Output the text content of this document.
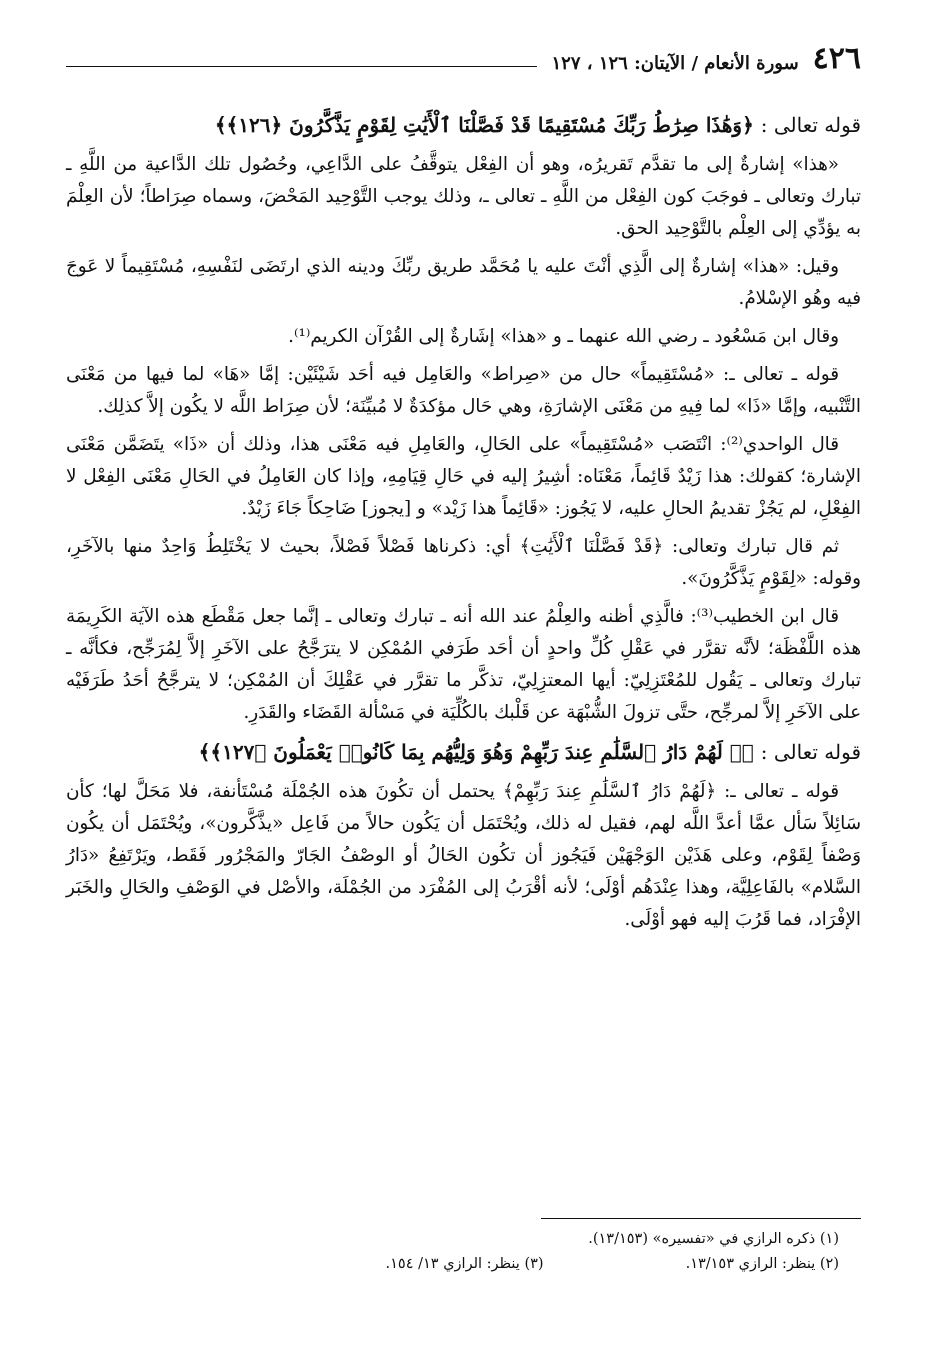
٤٢٦
سورة الأنعام / الآيتان: ١٢٦ ، ١٢٧
قوله تعالى : ﴿وَهَٰذَا صِرَٰطُ رَبِّكَ مُسْتَقِيمًا قَدْ فَصَّلْنَا ٱلْأَيَٰتِ لِقَوْمٍ يَذَّكَّرُونَ ﴿١٢٦﴾﴾

«هذا» إشارةٌ إلى ما تقدَّم تَقريرُه، وهو أن الفِعْل يتوقَّفُ على الدَّاعِي، وحُصُول تلك الدَّاعية من اللَّهِ ـ تبارك وتعالى ـ فوجَبَ كون الفِعْل من اللَّهِ ـ تعالى ـ، وذلك يوجب التَّوْحِيد المَحْضَ، وسماه صِرَاطاً؛ لأن العِلْمَ به يؤدِّي إلى العِلْم بالتَّوْحِيد الحق.

وقيل: «هذا» إشارةٌ إلى الَّذِي أنْتَ عليه يا مُحَمَّد طريق ربِّكَ ودينه الذي ارتَضَى لنَفْسِهِ، مُسْتَقِيماً لا عَوجَ فيه وهُو الإسْلامُ.

وقال ابن مَسْعُود ـ رضي الله عنهما ـ و «هذا» إشَارةٌ إلى القُرْآن الكريم⁽¹⁾.

قوله ـ تعالى ـ: «مُسْتَقِيماً» حال من «صِراط» والعَامِل فيه أحَد شَيْئَيْن: إمَّا «هَا» لما فيها من مَعْنَى التَّنْبيه، وإمَّا «ذَا» لما فِيهِ من مَعْنَى الإشارَةِ، وهي حَال مؤكدَةٌ لا مُبيِّنَة؛ لأن صِرَاط اللَّه لا يكُون إلاَّ كذلِك.

قال الواحدي⁽²⁾: انْتَصَب «مُسْتَقِيماً» على الحَالِ، والعَامِلِ فيه مَعْنَى هذا، وذلك أن «ذَا» يتَضَمَّن مَعْنَى الإشارة؛ كقولك: هذا زَيْدٌ قَائِماً، مَعْنَاه: أشِيرُ إليه في حَالِ قِيَامِهِ، وإذا كان العَامِلُ في الحَالِ مَعْنَى الفِعْل لا الفِعْلِ، لم يَجُزْ تقديمُ الحالِ عليه، لا يَجُوز: «قَائِماً هذا زَيْد» و [يجوز] ضَاحِكاً جَاءَ زَيْدٌ.

ثم قال تبارك وتعالى: ﴿قَدْ فَصَّلْنَا ٱلْأَيَٰتِ﴾ أي: ذكرناها فَصْلاً فَصْلاً، بحيث لا يَخْتَلِطُ وَاحِدٌ منها بالآخَرِ، وقوله: «لِقَوْمٍ يَذَّكَّرُونَ».

قال ابن الخطيب⁽³⁾: فالَّذِي أظنه والعِلْمُ عند الله أنه ـ تبارك وتعالى ـ إنَّما جعل مَقْطَع هذه الآيَة الكَرِيمَة هذه اللَّفْظَة؛ لأنَّه تقرَّر في عَقْلِ كُلِّ واحدٍ أن أحَد طَرَفي المُمْكِن لا يترَجَّحُ على الآخَرِ إلاَّ لِمُرَجِّح، فكأنَّه ـ تبارك وتعالى ـ يَقُول للمُعْتَزِلِيّ: أيها المعتزِلِيّ، تذكَّر ما تقرَّر في عَقْلِكَ أن المُمْكِن؛ لا يترجَّحُ أحَدُ طَرَفَيْه على الآخَرِ إلاَّ لمرجِّح، حتَّى تزولَ الشُّبْهَة عن قَلْبك بالكُلِّيَة في مَسْألة القَضَاء والقَدَرِ.

قوله تعالى : ﴿۞ لَهُمْ دَارُ ٱلسَّلَٰمِ عِندَ رَبِّهِمْ وَهُوَ وَلِيُّهُم بِمَا كَانُوا۟ يَعْمَلُونَ ﴿١٢٧﴾﴾

قوله ـ تعالى ـ: ﴿لَهُمْ دَارُ ٱلسَّلَٰمِ عِندَ رَبِّهِمْ﴾ يحتمل أن تكُونَ هذه الجُمْلَة مُسْتَأنفة، فلا مَحَلَّ لها؛ كأن سَائِلاً سَأل عمَّا أعدَّ اللَّه لهم، فقيل له ذلك، ويُحْتَمَل أن يَكُون حالاً من فَاعِل «يذَّكَّرون»، ويُحْتَمَل أن يكُون وَصْفاً لِقَوْم، وعلى هَذَيْن الوَجْهَيْن فَيَجُوز أن تكُون الحَالُ أو الوصْفُ الجَارّ والمَجْرُور فَقَط، ويَرْتَفِعُ «دَارُ السَّلام» بالفَاعِلِيَّة، وهذا عِنْدَهُم أوْلَى؛ لأنه أقْرَبُ إلى المُفْرَد من الجُمْلَة، والأصْل في الوَصْفِ والحَالِ والخَبَر الإفْرَاد، فما قَرُبَ إليه فهو أوْلَى.

(١) ذكره الرازي في «تفسيره» (١٣/١٥٣).

(٢) ينظر: الرازي ١٣/١٥٣.

(٣) ينظر: الرازي ١٣/ ١٥٤.
